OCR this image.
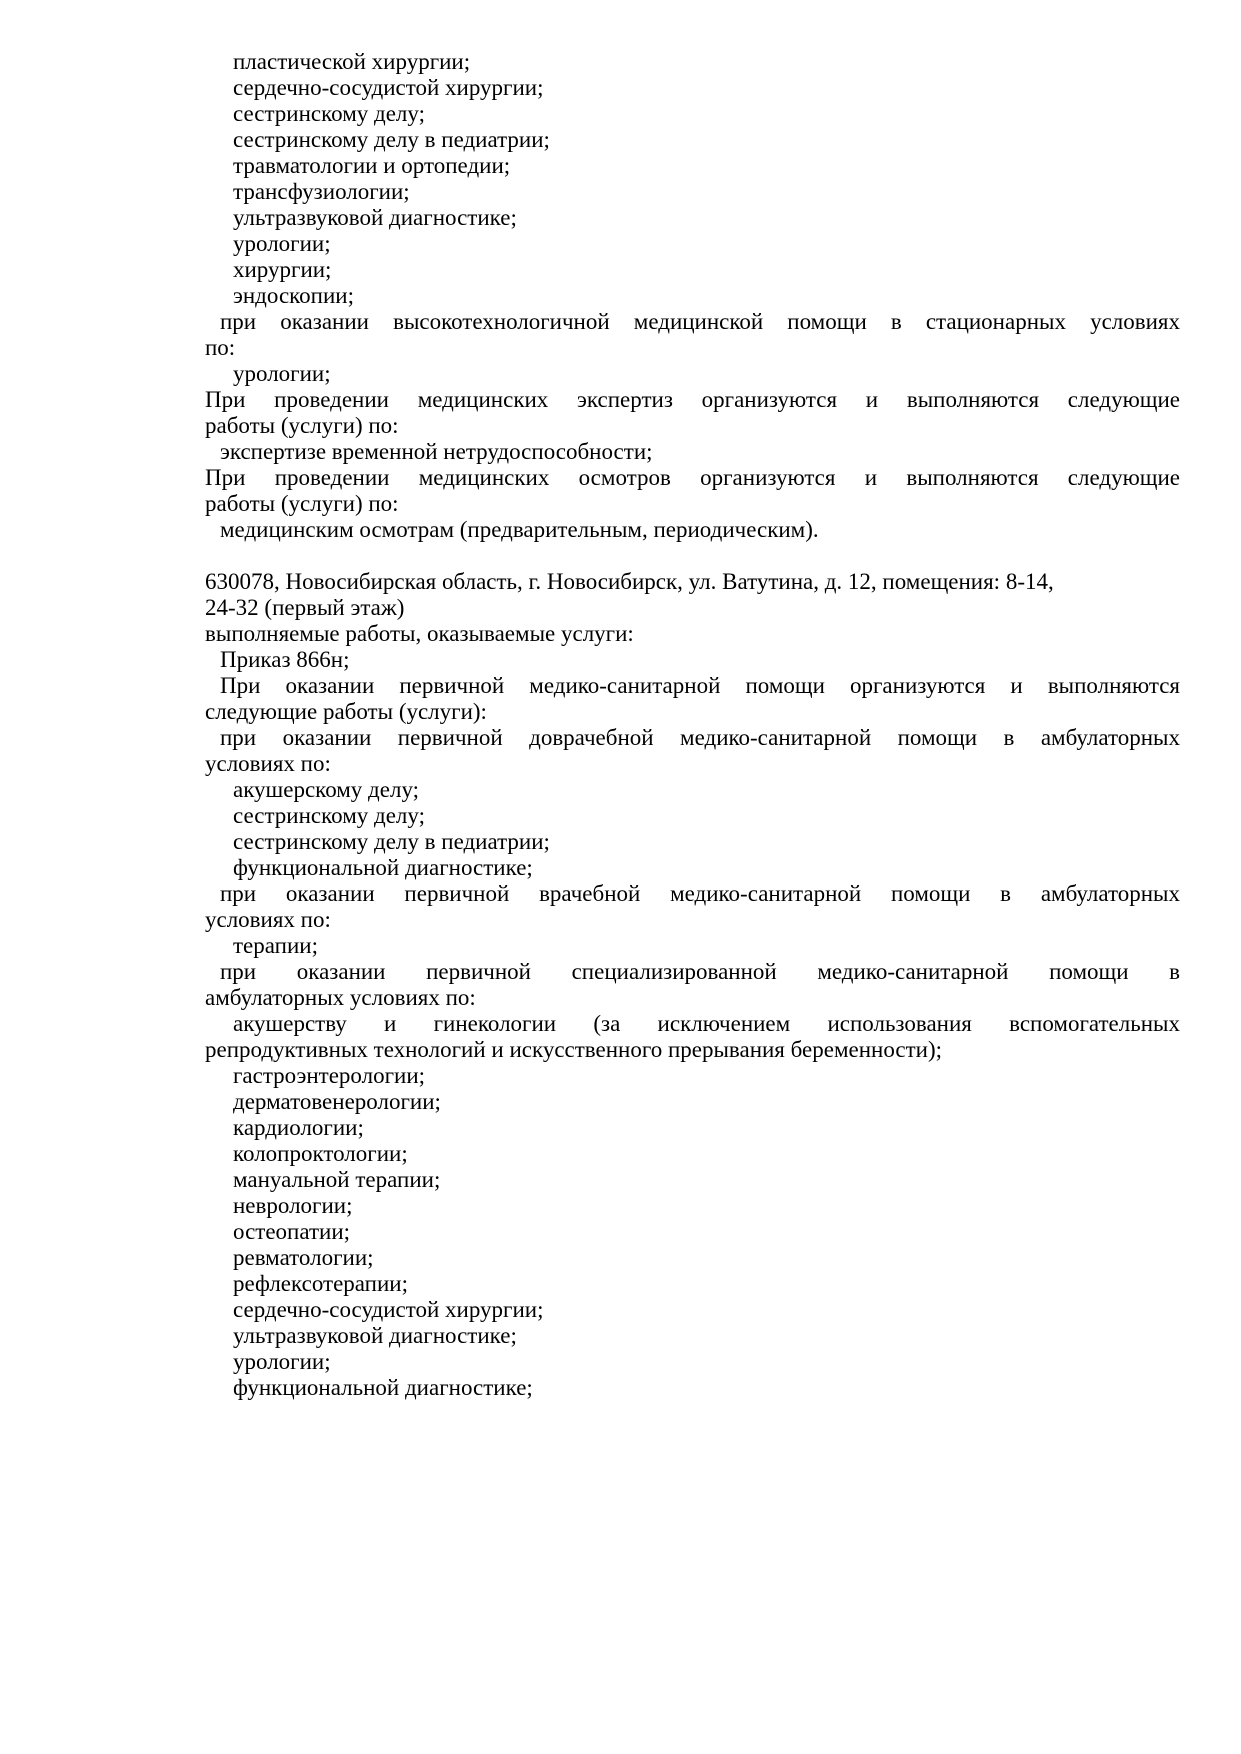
пластической хирургии;
сердечно-сосудистой хирургии;
сестринскому делу;
сестринскому делу в педиатрии;
травматологии и ортопедии;
трансфузиологии;
ультразвуковой диагностике;
урологии;
хирургии;
эндоскопии;
при оказании высокотехнологичной медицинской помощи в стационарных условиях
по:
урологии;
При проведении медицинских экспертиз организуются и выполняются следующие
работы (услуги) по:
экспертизе временной нетрудоспособности;
При проведении медицинских осмотров организуются и выполняются следующие
работы (услуги) по:
медицинским осмотрам (предварительным, периодическим).
630078, Новосибирская область, г. Новосибирск, ул. Ватутина, д. 12, помещения: 8-14,
24-32 (первый этаж)
выполняемые работы, оказываемые услуги:
Приказ 866н;
При оказании первичной медико-санитарной помощи организуются и выполняются
следующие работы (услуги):
при оказании первичной доврачебной медико-санитарной помощи в амбулаторных
условиях по:
акушерскому делу;
сестринскому делу;
сестринскому делу в педиатрии;
функциональной диагностике;
при оказании первичной врачебной медико-санитарной помощи в амбулаторных
условиях по:
терапии;
при оказании первичной специализированной медико-санитарной помощи в
амбулаторных условиях по:
акушерству и гинекологии (за исключением использования вспомогательных
репродуктивных технологий и искусственного прерывания беременности);
гастроэнтерологии;
дерматовенерологии;
кардиологии;
колопроктологии;
мануальной терапии;
неврологии;
остеопатии;
ревматологии;
рефлексотерапии;
сердечно-сосудистой хирургии;
ультразвуковой диагностике;
урологии;
функциональной диагностике;
